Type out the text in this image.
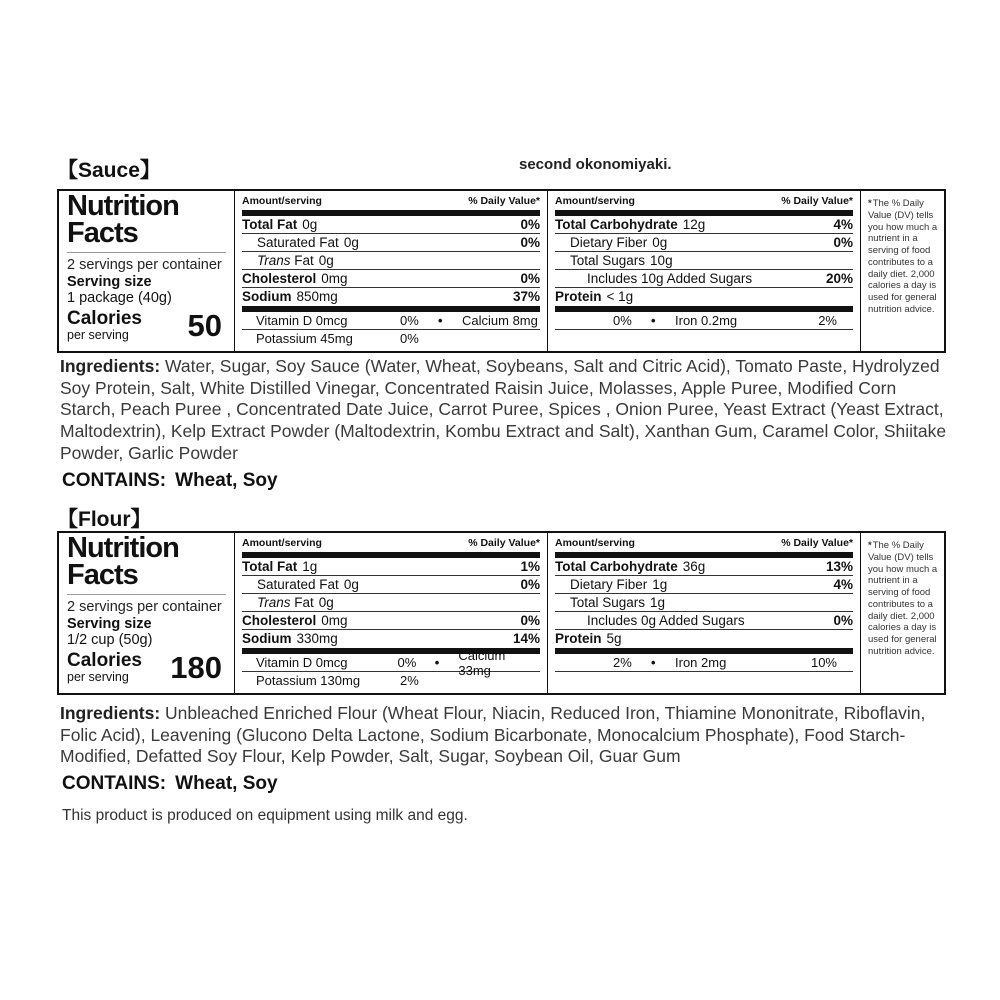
【Sauce】	second okonomiyaki.
Nutrition
Facts
2 servings per container
Serving size
1 package (40g)
Calories
per serving	50
Amount/serving	% Daily Value*
Total Fat 0g	0%
Saturated Fat 0g	0%
Trans Fat 0g
Cholesterol 0mg	0%
Sodium 850mg	37%
Vitamin D 0mcg	0%	•	Calcium 8mg
Potassium 45mg	0%
Amount/serving	% Daily Value*
Total Carbohydrate 12g	4%
Dietary Fiber 0g	0%
Total Sugars 10g
Includes 10g Added Sugars	20%
Protein < 1g
0%	•	Iron 0.2mg	2%
*The % Daily Value (DV) tells you how much a nutrient in a serving of food contributes to a daily diet. 2,000 calories a day is used for general nutrition advice.
Ingredients: Water, Sugar, Soy Sauce (Water, Wheat, Soybeans, Salt and Citric Acid), Tomato Paste, Hydrolyzed Soy Protein, Salt, White Distilled Vinegar, Concentrated Raisin Juice, Molasses, Apple Puree, Modified Corn Starch, Peach Puree , Concentrated Date Juice, Carrot Puree, Spices , Onion Puree, Yeast Extract (Yeast Extract, Maltodextrin), Kelp Extract Powder (Maltodextrin, Kombu Extract and Salt), Xanthan Gum, Caramel Color, Shiitake Powder, Garlic Powder
CONTAINS: Wheat, Soy
【Flour】
Nutrition
Facts
2 servings per container
Serving size
1/2 cup (50g)
Calories
per serving	180
Amount/serving	% Daily Value*
Total Fat 1g	1%
Saturated Fat 0g	0%
Trans Fat 0g
Cholesterol 0mg	0%
Sodium 330mg	14%
Vitamin D 0mcg	0%	•	Calcium 33mg
Potassium 130mg	2%
Amount/serving	% Daily Value*
Total Carbohydrate 36g	13%
Dietary Fiber 1g	4%
Total Sugars 1g
Includes 0g Added Sugars	0%
Protein 5g
2%	•	Iron 2mg	10%
*The % Daily Value (DV) tells you how much a nutrient in a serving of food contributes to a daily diet. 2,000 calories a day is used for general nutrition advice.
Ingredients: Unbleached Enriched Flour (Wheat Flour, Niacin, Reduced Iron, Thiamine Mononitrate, Riboflavin, Folic Acid), Leavening (Glucono Delta Lactone, Sodium Bicarbonate, Monocalcium Phosphate), Food Starch-Modified, Defatted Soy Flour, Kelp Powder, Salt, Sugar, Soybean Oil, Guar Gum
CONTAINS: Wheat, Soy
This product is produced on equipment using milk and egg.
